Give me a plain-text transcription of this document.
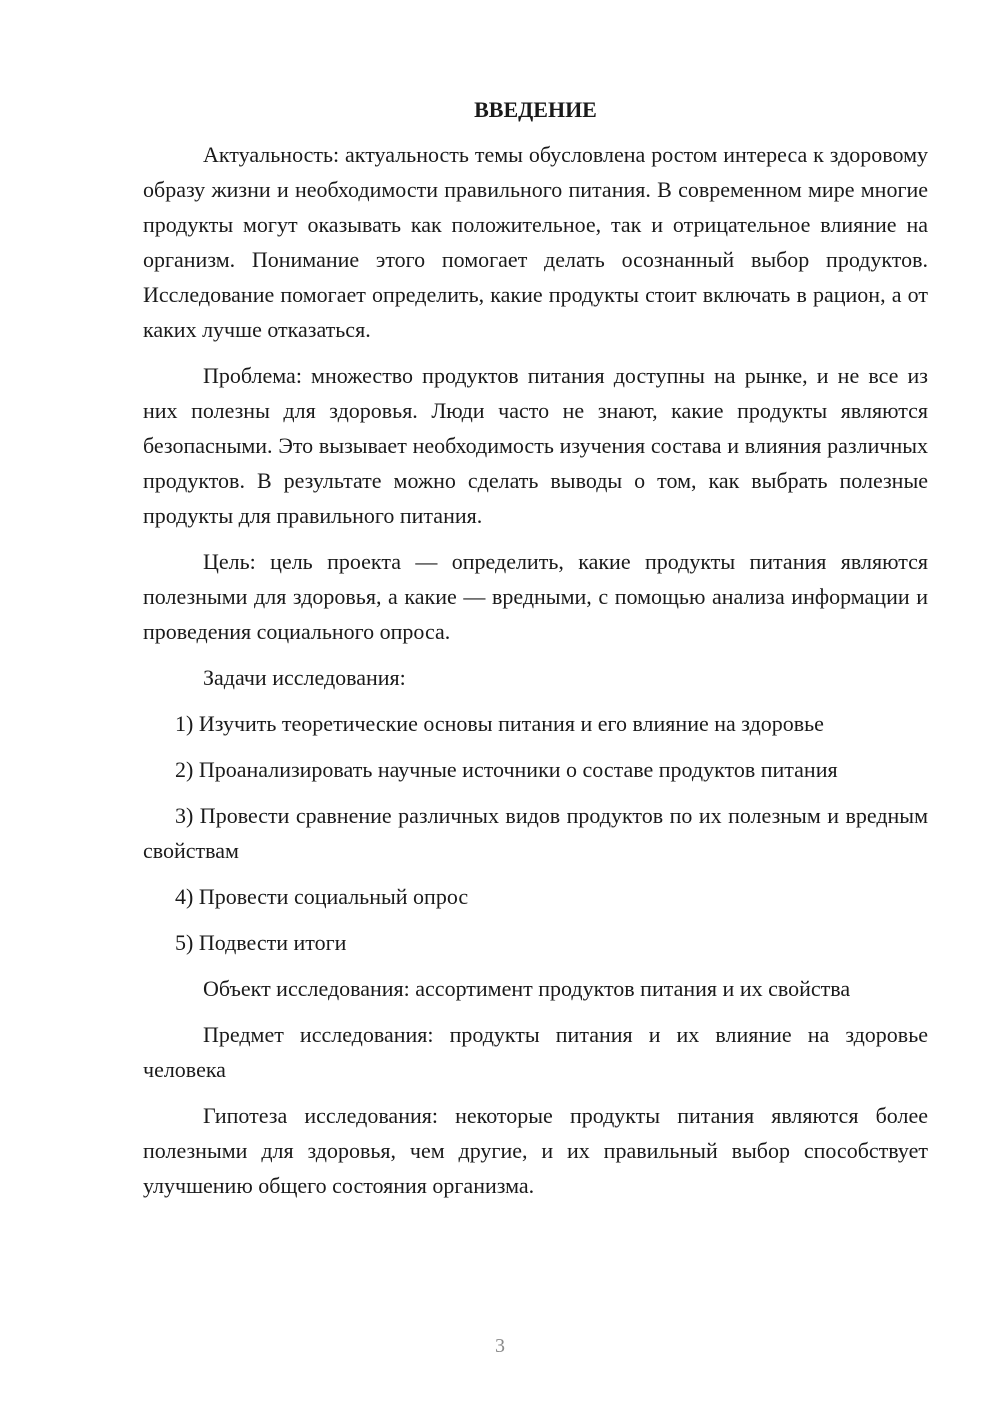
ВВЕДЕНИЕ

Актуальность: актуальность темы обусловлена ростом интереса к здоровому образу жизни и необходимости правильного питания. В современном мире многие продукты могут оказывать как положительное, так и отрицательное влияние на организм. Понимание этого помогает делать осознанный выбор продуктов. Исследование помогает определить, какие продукты стоит включать в рацион, а от каких лучше отказаться.

Проблема: множество продуктов питания доступны на рынке, и не все из них полезны для здоровья. Люди часто не знают, какие продукты являются безопасными. Это вызывает необходимость изучения состава и влияния различных продуктов. В результате можно сделать выводы о том, как выбрать полезные продукты для правильного питания.

Цель: цель проекта — определить, какие продукты питания являются полезными для здоровья, а какие — вредными, с помощью анализа информации и проведения социального опроса.

Задачи исследования:

1) Изучить теоретические основы питания и его влияние на здоровье

2) Проанализировать научные источники о составе продуктов питания

3) Провести сравнение различных видов продуктов по их полезным и вредным свойствам

4) Провести социальный опрос

5) Подвести итоги

Объект исследования: ассортимент продуктов питания и их свойства

Предмет исследования: продукты питания и их влияние на здоровье человека

Гипотеза исследования: некоторые продукты питания являются более полезными для здоровья, чем другие, и их правильный выбор способствует улучшению общего состояния организма.

3
